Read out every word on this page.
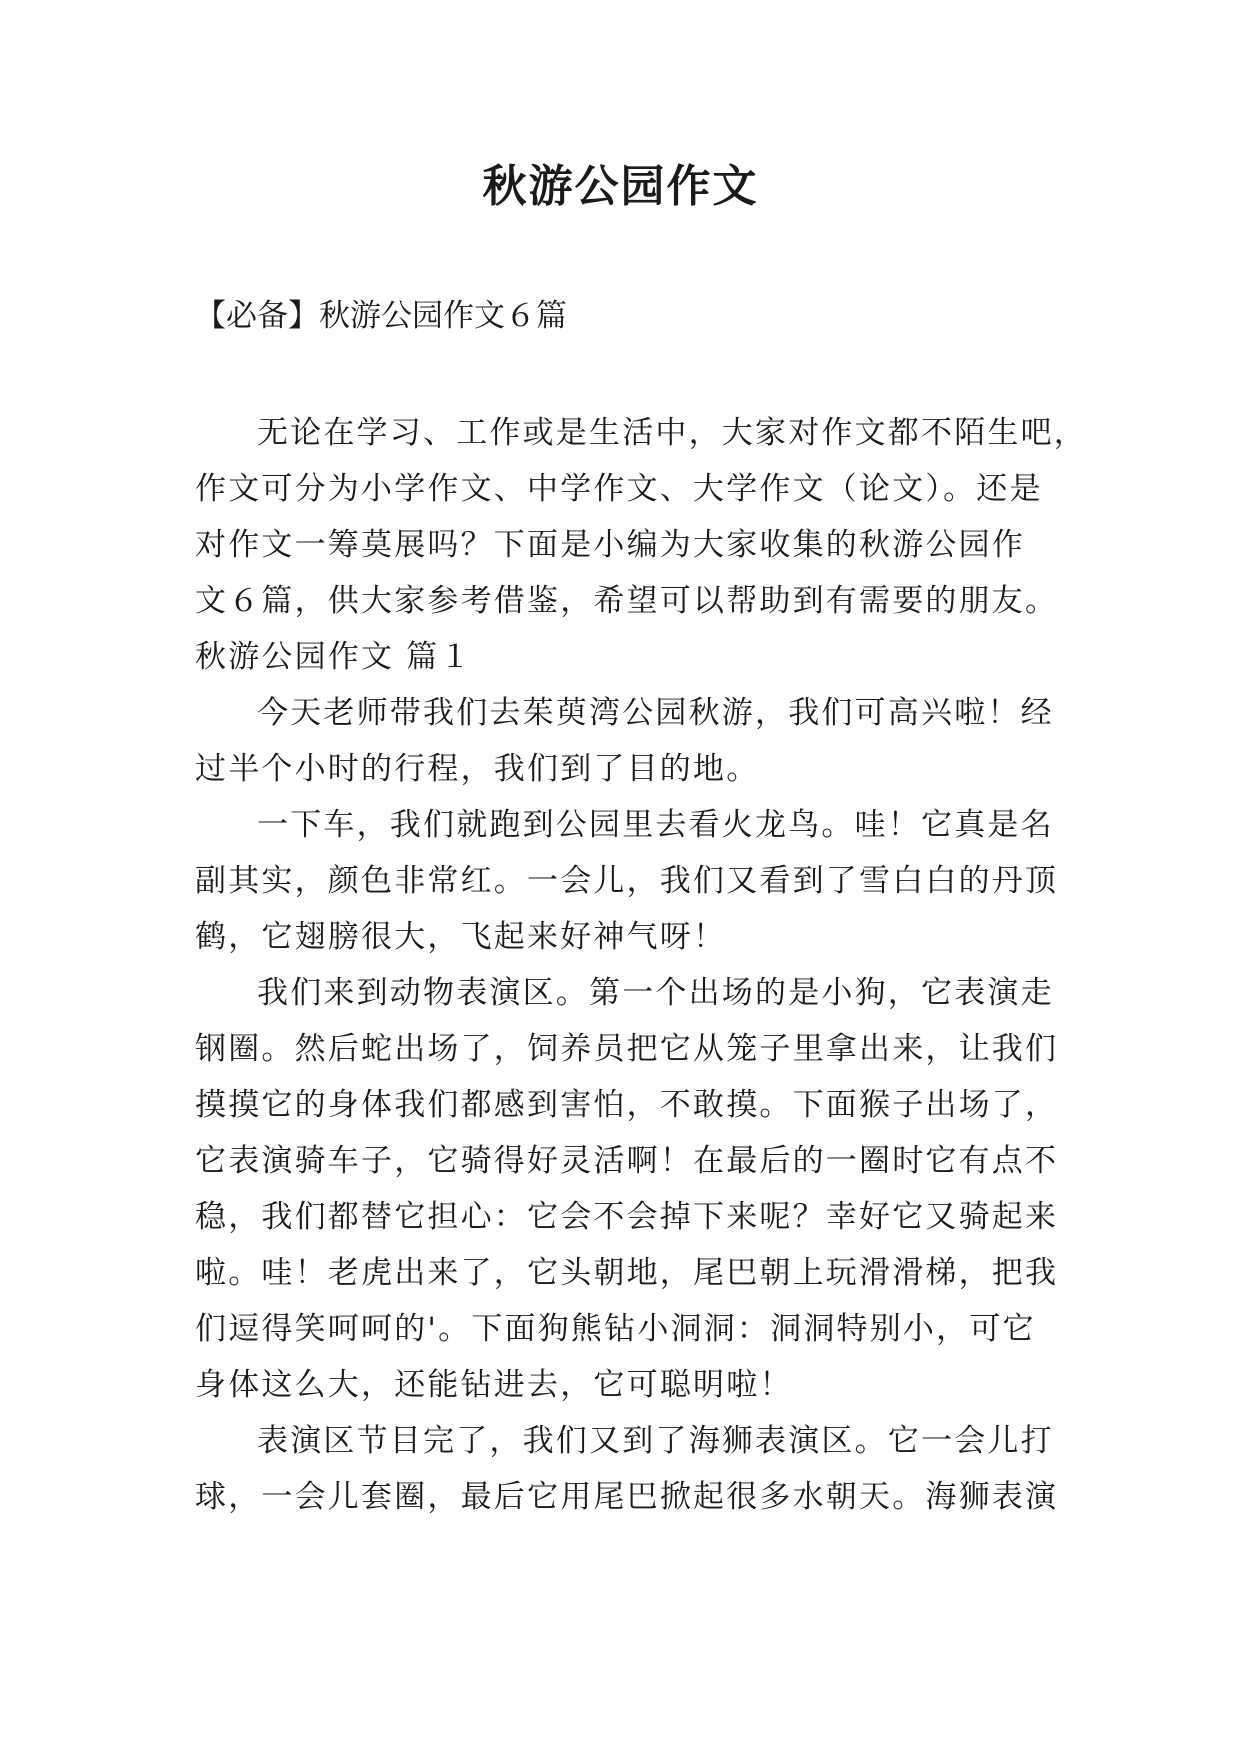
秋游公园作文

【必备】秋游公园作文６篇

无论在学习、工作或是生活中，大家对作文都不陌生吧，

作文可分为小学作文、中学作文、大学作文（论文）。还是

对作文一筹莫展吗？下面是小编为大家收集的秋游公园作

文６篇，供大家参考借鉴，希望可以帮助到有需要的朋友。

秋游公园作文 篇１

今天老师带我们去茱萸湾公园秋游，我们可高兴啦！经

过半个小时的行程，我们到了目的地。

一下车，我们就跑到公园里去看火龙鸟。哇！它真是名

副其实，颜色非常红。一会儿，我们又看到了雪白白的丹顶

鹤，它翅膀很大，飞起来好神气呀！

我们来到动物表演区。第一个出场的是小狗，它表演走

钢圈。然后蛇出场了，饲养员把它从笼子里拿出来，让我们

摸摸它的身体我们都感到害怕，不敢摸。下面猴子出场了，

它表演骑车子，它骑得好灵活啊！在最后的一圈时它有点不

稳，我们都替它担心：它会不会掉下来呢？幸好它又骑起来

啦。哇！老虎出来了，它头朝地，尾巴朝上玩滑滑梯，把我

们逗得笑呵呵的'。下面狗熊钻小洞洞：洞洞特别小，可它

身体这么大，还能钻进去，它可聪明啦！

表演区节目完了，我们又到了海狮表演区。它一会儿打

球，一会儿套圈，最后它用尾巴掀起很多水朝天。海狮表演
